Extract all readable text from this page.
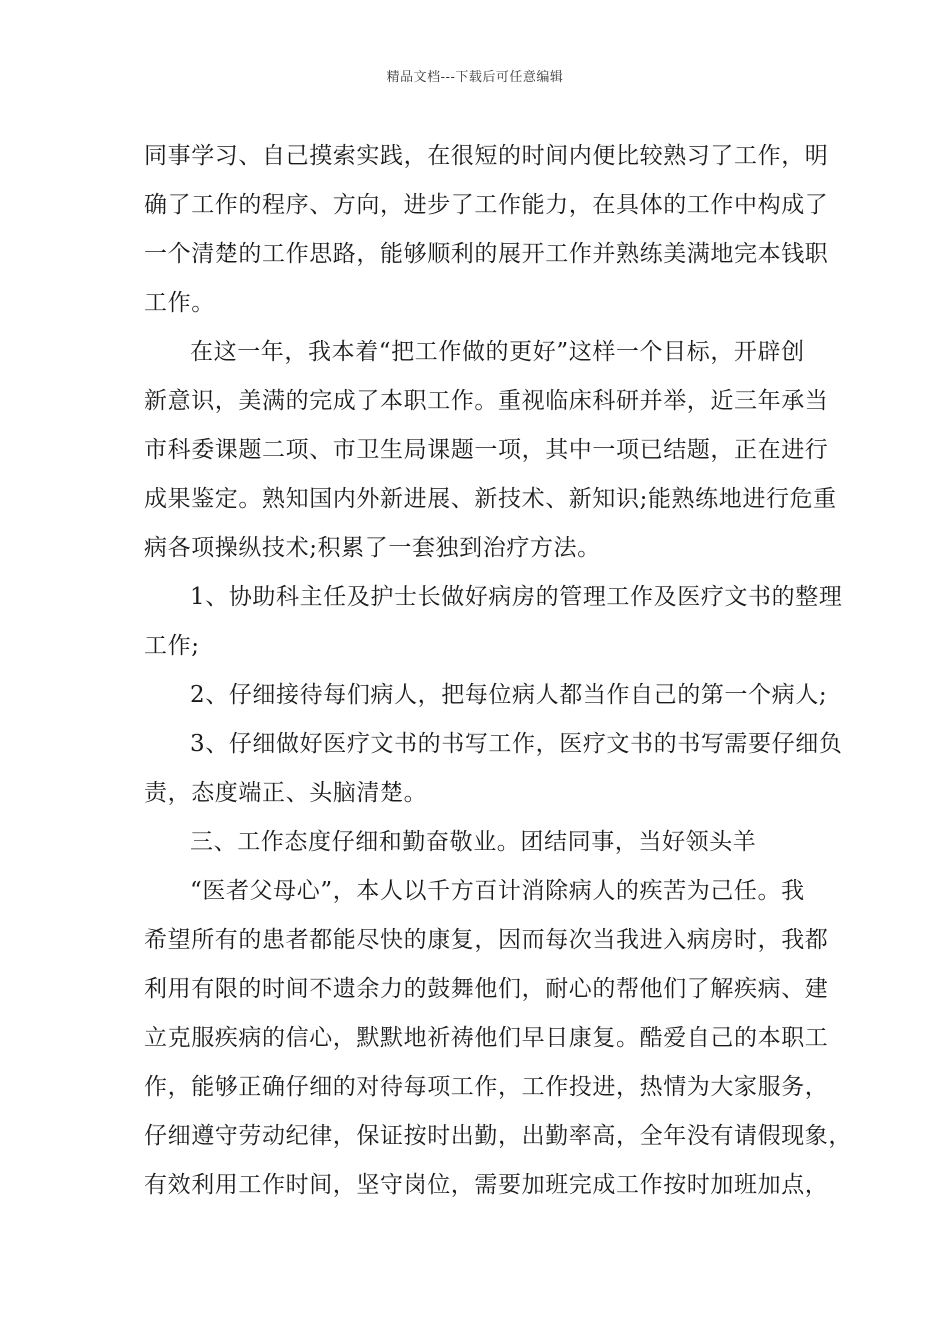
精品文档---下载后可任意编辑
同事学习、自己摸索实践，在很短的时间内便比较熟习了工作，明
确了工作的程序、方向，进步了工作能力，在具体的工作中构成了
一个清楚的工作思路，能够顺利的展开工作并熟练美满地完本钱职
工作。
在这一年，我本着“把工作做的更好”这样一个目标，开辟创
新意识，美满的完成了本职工作。重视临床科研并举，近三年承当
市科委课题二项、市卫生局课题一项，其中一项已结题，正在进行
成果鉴定。熟知国内外新进展、新技术、新知识;能熟练地进行危重
病各项操纵技术;积累了一套独到治疗方法。
1、协助科主任及护士长做好病房的管理工作及医疗文书的整理
工作;
2、仔细接待每们病人，把每位病人都当作自己的第一个病人;
3、仔细做好医疗文书的书写工作，医疗文书的书写需要仔细负
责，态度端正、头脑清楚。
三、工作态度仔细和勤奋敬业。团结同事，当好领头羊
“医者父母心”，本人以千方百计消除病人的疾苦为己任。我
希望所有的患者都能尽快的康复，因而每次当我进入病房时，我都
利用有限的时间不遗余力的鼓舞他们，耐心的帮他们了解疾病、建
立克服疾病的信心，默默地祈祷他们早日康复。酷爱自己的本职工
作，能够正确仔细的对待每项工作，工作投进，热情为大家服务，
仔细遵守劳动纪律，保证按时出勤，出勤率高，全年没有请假现象，
有效利用工作时间，坚守岗位，需要加班完成工作按时加班加点，
